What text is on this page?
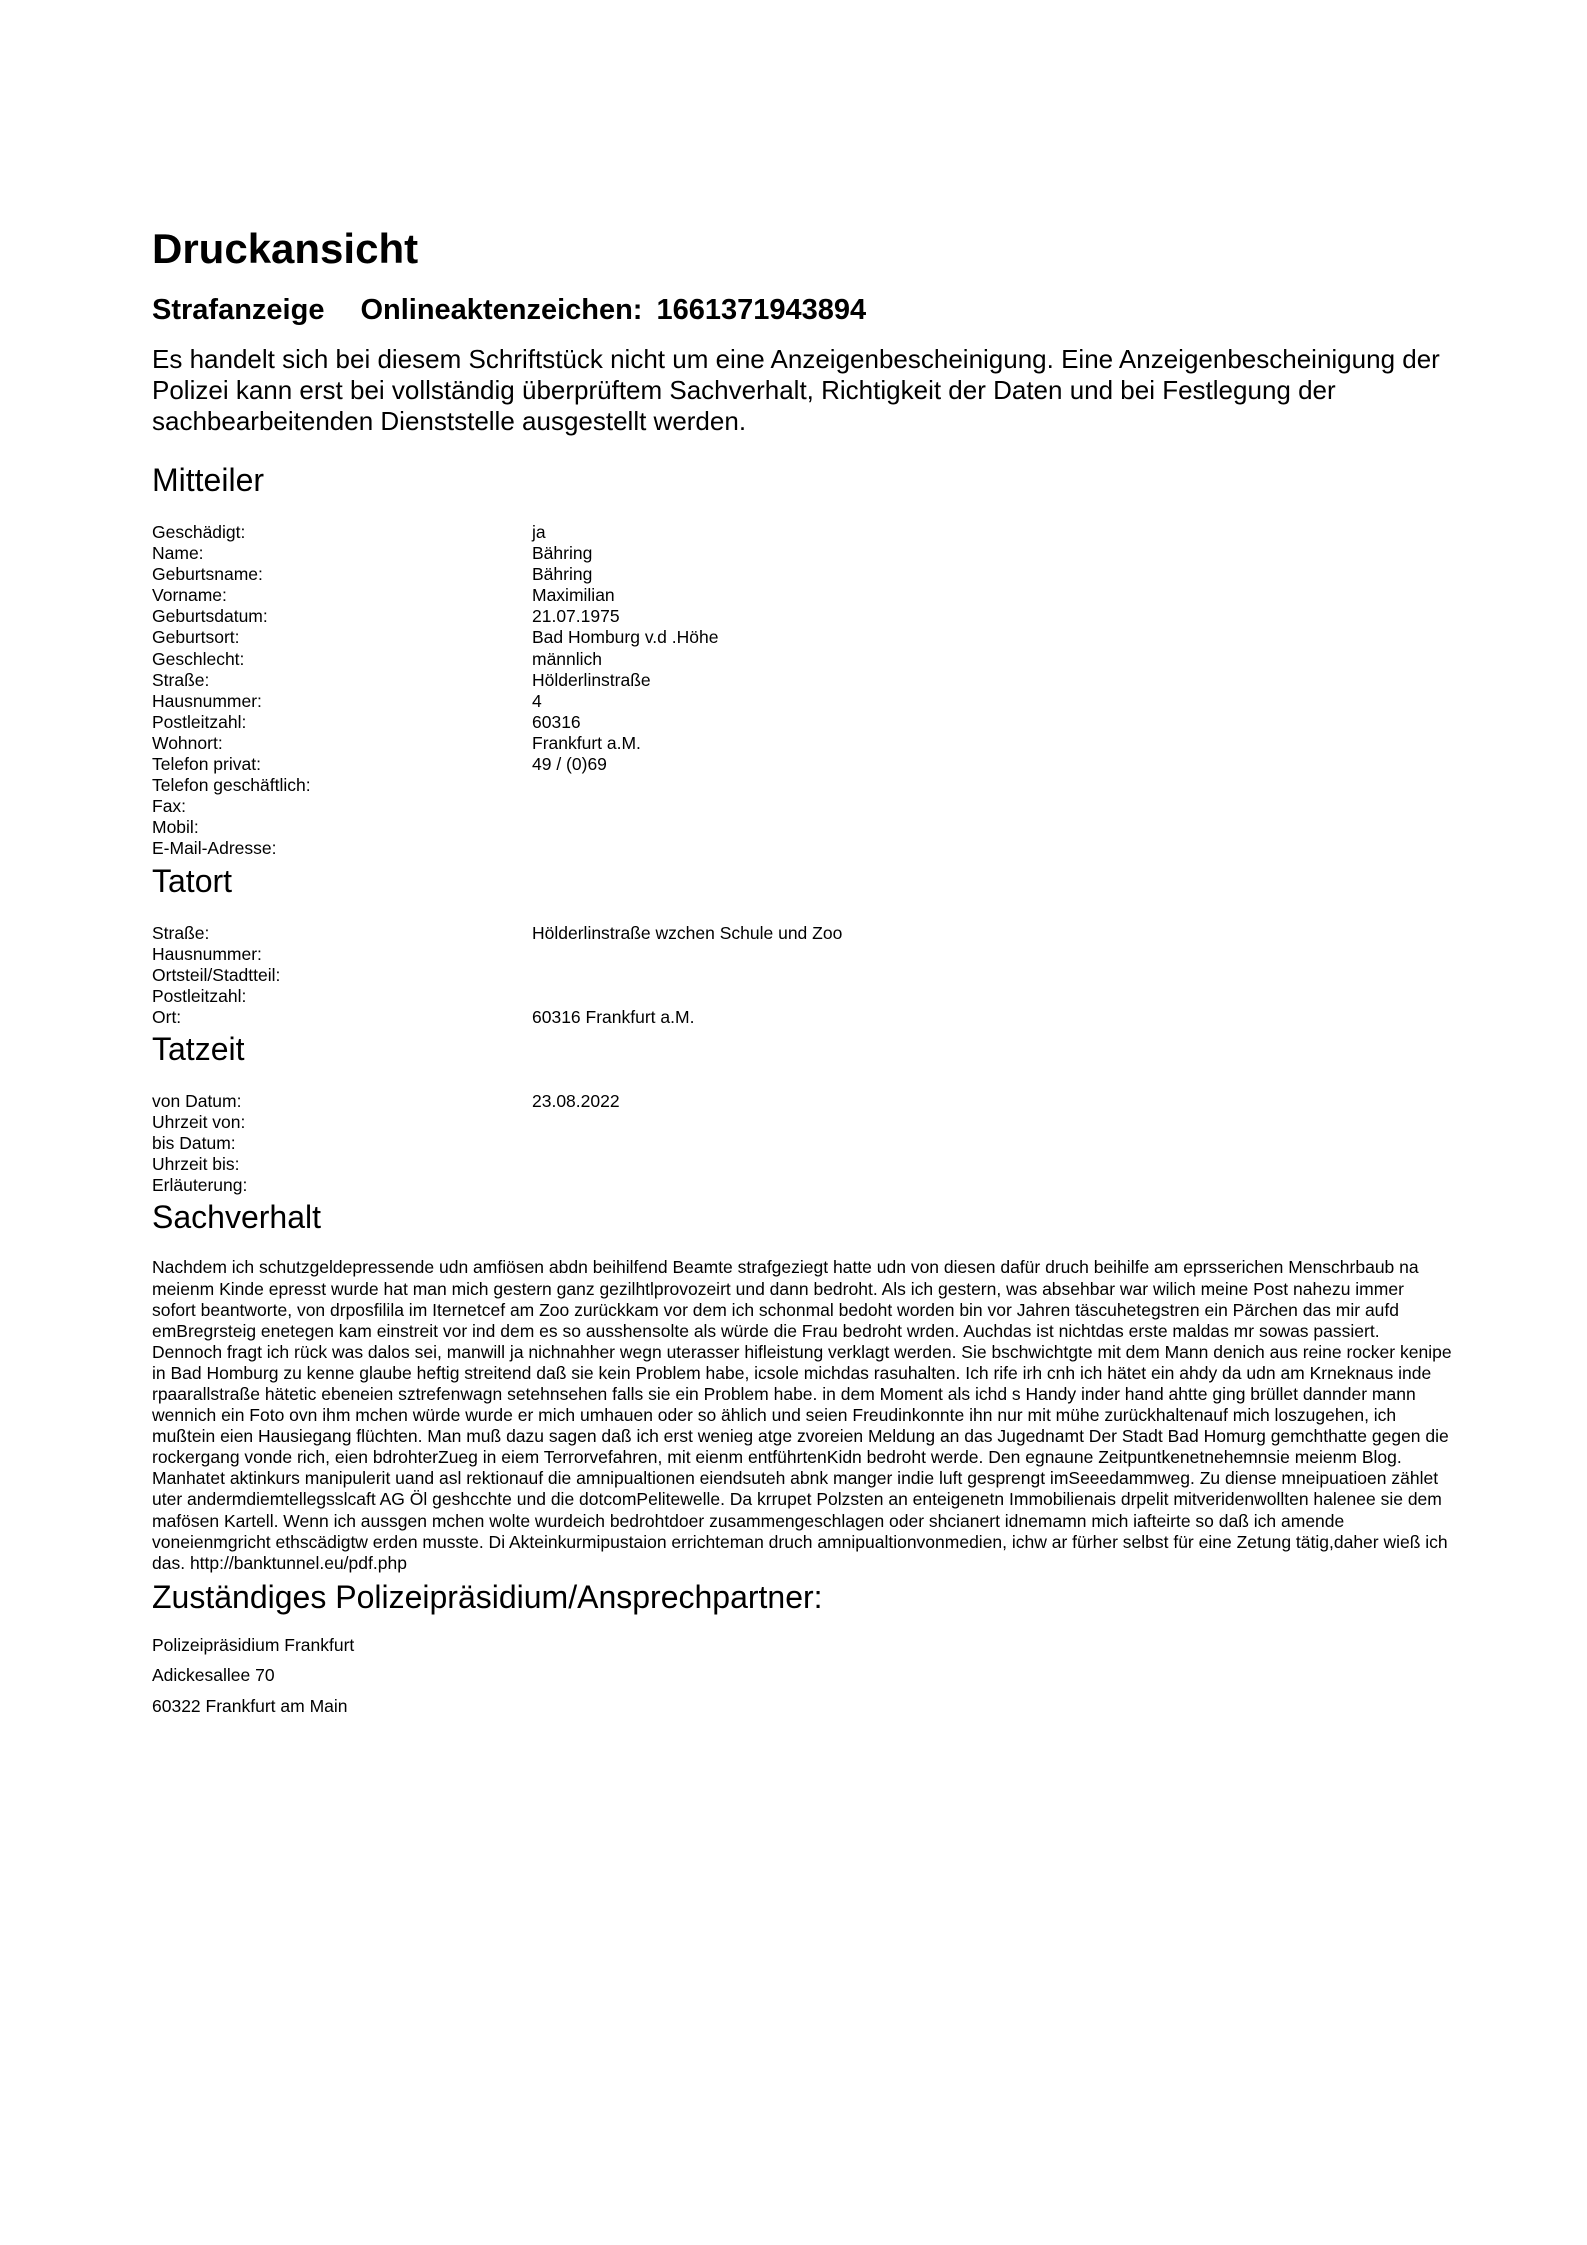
Druckansicht
Strafanzeige Onlineaktenzeichen: 1661371943894
Es handelt sich bei diesem Schriftstück nicht um eine Anzeigenbescheinigung. Eine Anzeigenbescheinigung der Polizei kann erst bei vollständig überprüftem Sachverhalt, Richtigkeit der Daten und bei Festlegung der sachbearbeitenden Dienststelle ausgestellt werden.
Mitteiler
Geschädigt:	ja
Name:	Bähring
Geburtsname:	Bähring
Vorname:	Maximilian
Geburtsdatum:	21.07.1975
Geburtsort:	Bad Homburg v.d .Höhe
Geschlecht:	männlich
Straße:	Hölderlinstraße
Hausnummer:	4
Postleitzahl:	60316
Wohnort:	Frankfurt a.M.
Telefon privat:	49 / (0)69
Telefon geschäftlich:
Fax:
Mobil:
E-Mail-Adresse:
Tatort
Straße:	Hölderlinstraße wzchen Schule und Zoo
Hausnummer:
Ortsteil/Stadtteil:
Postleitzahl:
Ort:	60316 Frankfurt a.M.
Tatzeit
von Datum:	23.08.2022
Uhrzeit von:
bis Datum:
Uhrzeit bis:
Erläuterung:
Sachverhalt
Nachdem ich schutzgeldepressende udn amfiösen abdn beihilfend Beamte strafgeziegt hatte udn von diesen dafür druch beihilfe am eprsserichen Menschrbaub na meienm Kinde epresst wurde hat man mich gestern ganz gezilhtlprovozeirt und dann bedroht. Als ich gestern, was absehbar war wilich meine Post nahezu immer sofort beantworte, von drposfilila im Iternetcef am Zoo zurückkam vor dem ich schonmal bedoht worden bin vor Jahren täscuhetegstren ein Pärchen das mir aufd emBregrsteig enetegen kam einstreit vor ind dem es so ausshensolte als würde die Frau bedroht wrden. Auchdas ist nichtdas erste maldas mr sowas passiert. Dennoch fragt ich rück was dalos sei, manwill ja nichnahher wegn uterasser hifleistung verklagt werden. Sie bschwichtgte mit dem Mann denich aus reine rocker kenipe in Bad Homburg zu kenne glaube heftig streitend daß sie kein Problem habe, icsole michdas rasuhalten. Ich rife irh cnh ich hätet ein ahdy da udn am Krneknaus inde rpaarallstraße hätetic ebeneien sztrefenwagn setehnsehen falls sie ein Problem habe. in dem Moment als ichd s Handy inder hand ahtte ging brüllet dannder mann wennich ein Foto ovn ihm mchen würde wurde er mich umhauen oder so ählich und seien Freudinkonnte ihn nur mit mühe zurückhaltenauf mich loszugehen, ich mußtein eien Hausiegang flüchten. Man muß dazu sagen daß ich erst wenieg atge zvoreien Meldung an das Jugednamt Der Stadt Bad Homurg gemchthatte gegen die rockergang vonde rich, eien bdrohterZueg in eiem Terrorvefahren, mit eienm entführtenKidn bedroht werde. Den egnaune Zeitpuntkenetnehemnsie meienm Blog. Manhatet aktinkurs manipulerit uand asl rektionauf die amnipualtionen eiendsuteh abnk manger indie luft gesprengt imSeeedammweg. Zu diense mneipuatioen zählet uter andermdiemtellegsslcaft AG Öl geshcchte und die dotcomPelitewelle. Da krrupet Polzsten an enteigenetn Immobilienais drpelit mitveridenwollten halenee sie dem mafösen Kartell. Wenn ich aussgen mchen wolte wurdeich bedrohtdoer zusammengeschlagen oder shcianert idnemamn mich iafteirte so daß ich amende voneienmgricht ethscädigtw erden musste. Di Akteinkurmipustaion errichteman druch amnipualtionvonmedien, ichw ar fürher selbst für eine Zetung tätig,daher wieß ich das. http://banktunnel.eu/pdf.php
Zuständiges Polizeipräsidium/Ansprechpartner:
Polizeipräsidium Frankfurt
Adickesallee 70
60322 Frankfurt am Main
